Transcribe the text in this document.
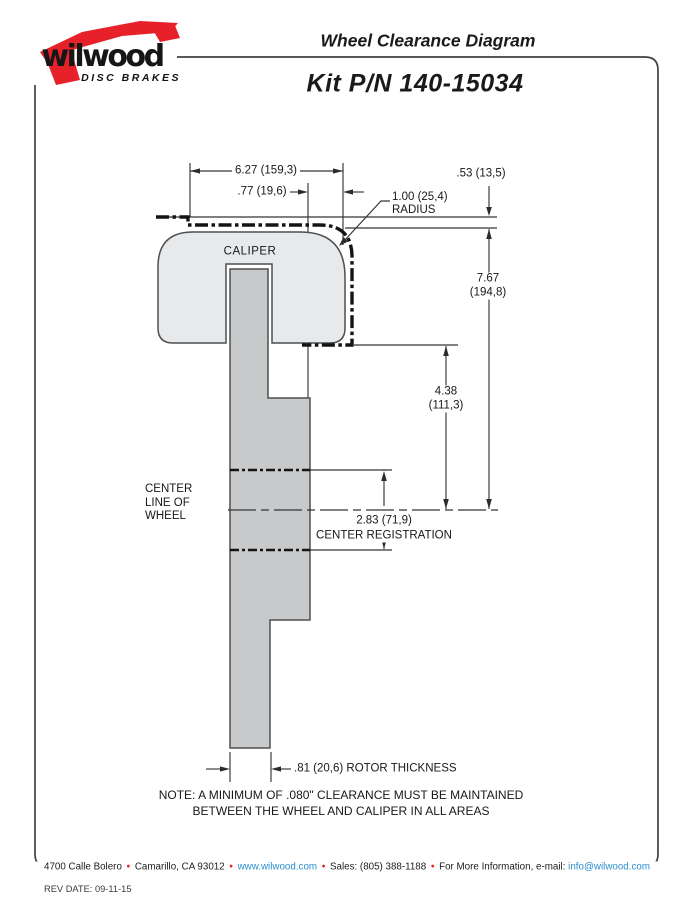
wilwood
DISC BRAKES
Wheel Clearance Diagram
Kit P/N 140-15034
6.27 (159,3)
.77 (19,6)
.53 (13,5)
1.00 (25,4)
RADIUS
CALIPER
7.67
(194,8)
4.38
(111,3)
CENTER
LINE OF
WHEEL	2.83 (71,9)
CENTER REGISTRATION
.81 (20,6) ROTOR THICKNESS
NOTE: A MINIMUM OF .080" CLEARANCE MUST BE MAINTAINED
BETWEEN THE WHEEL AND CALIPER IN ALL AREAS
4700 Calle Bolero • Camarillo, CA 93012 • www.wilwood.com • Sales: (805) 388-1188 • For More Information, e-mail: info@wilwood.com
REV DATE: 09-11-15
